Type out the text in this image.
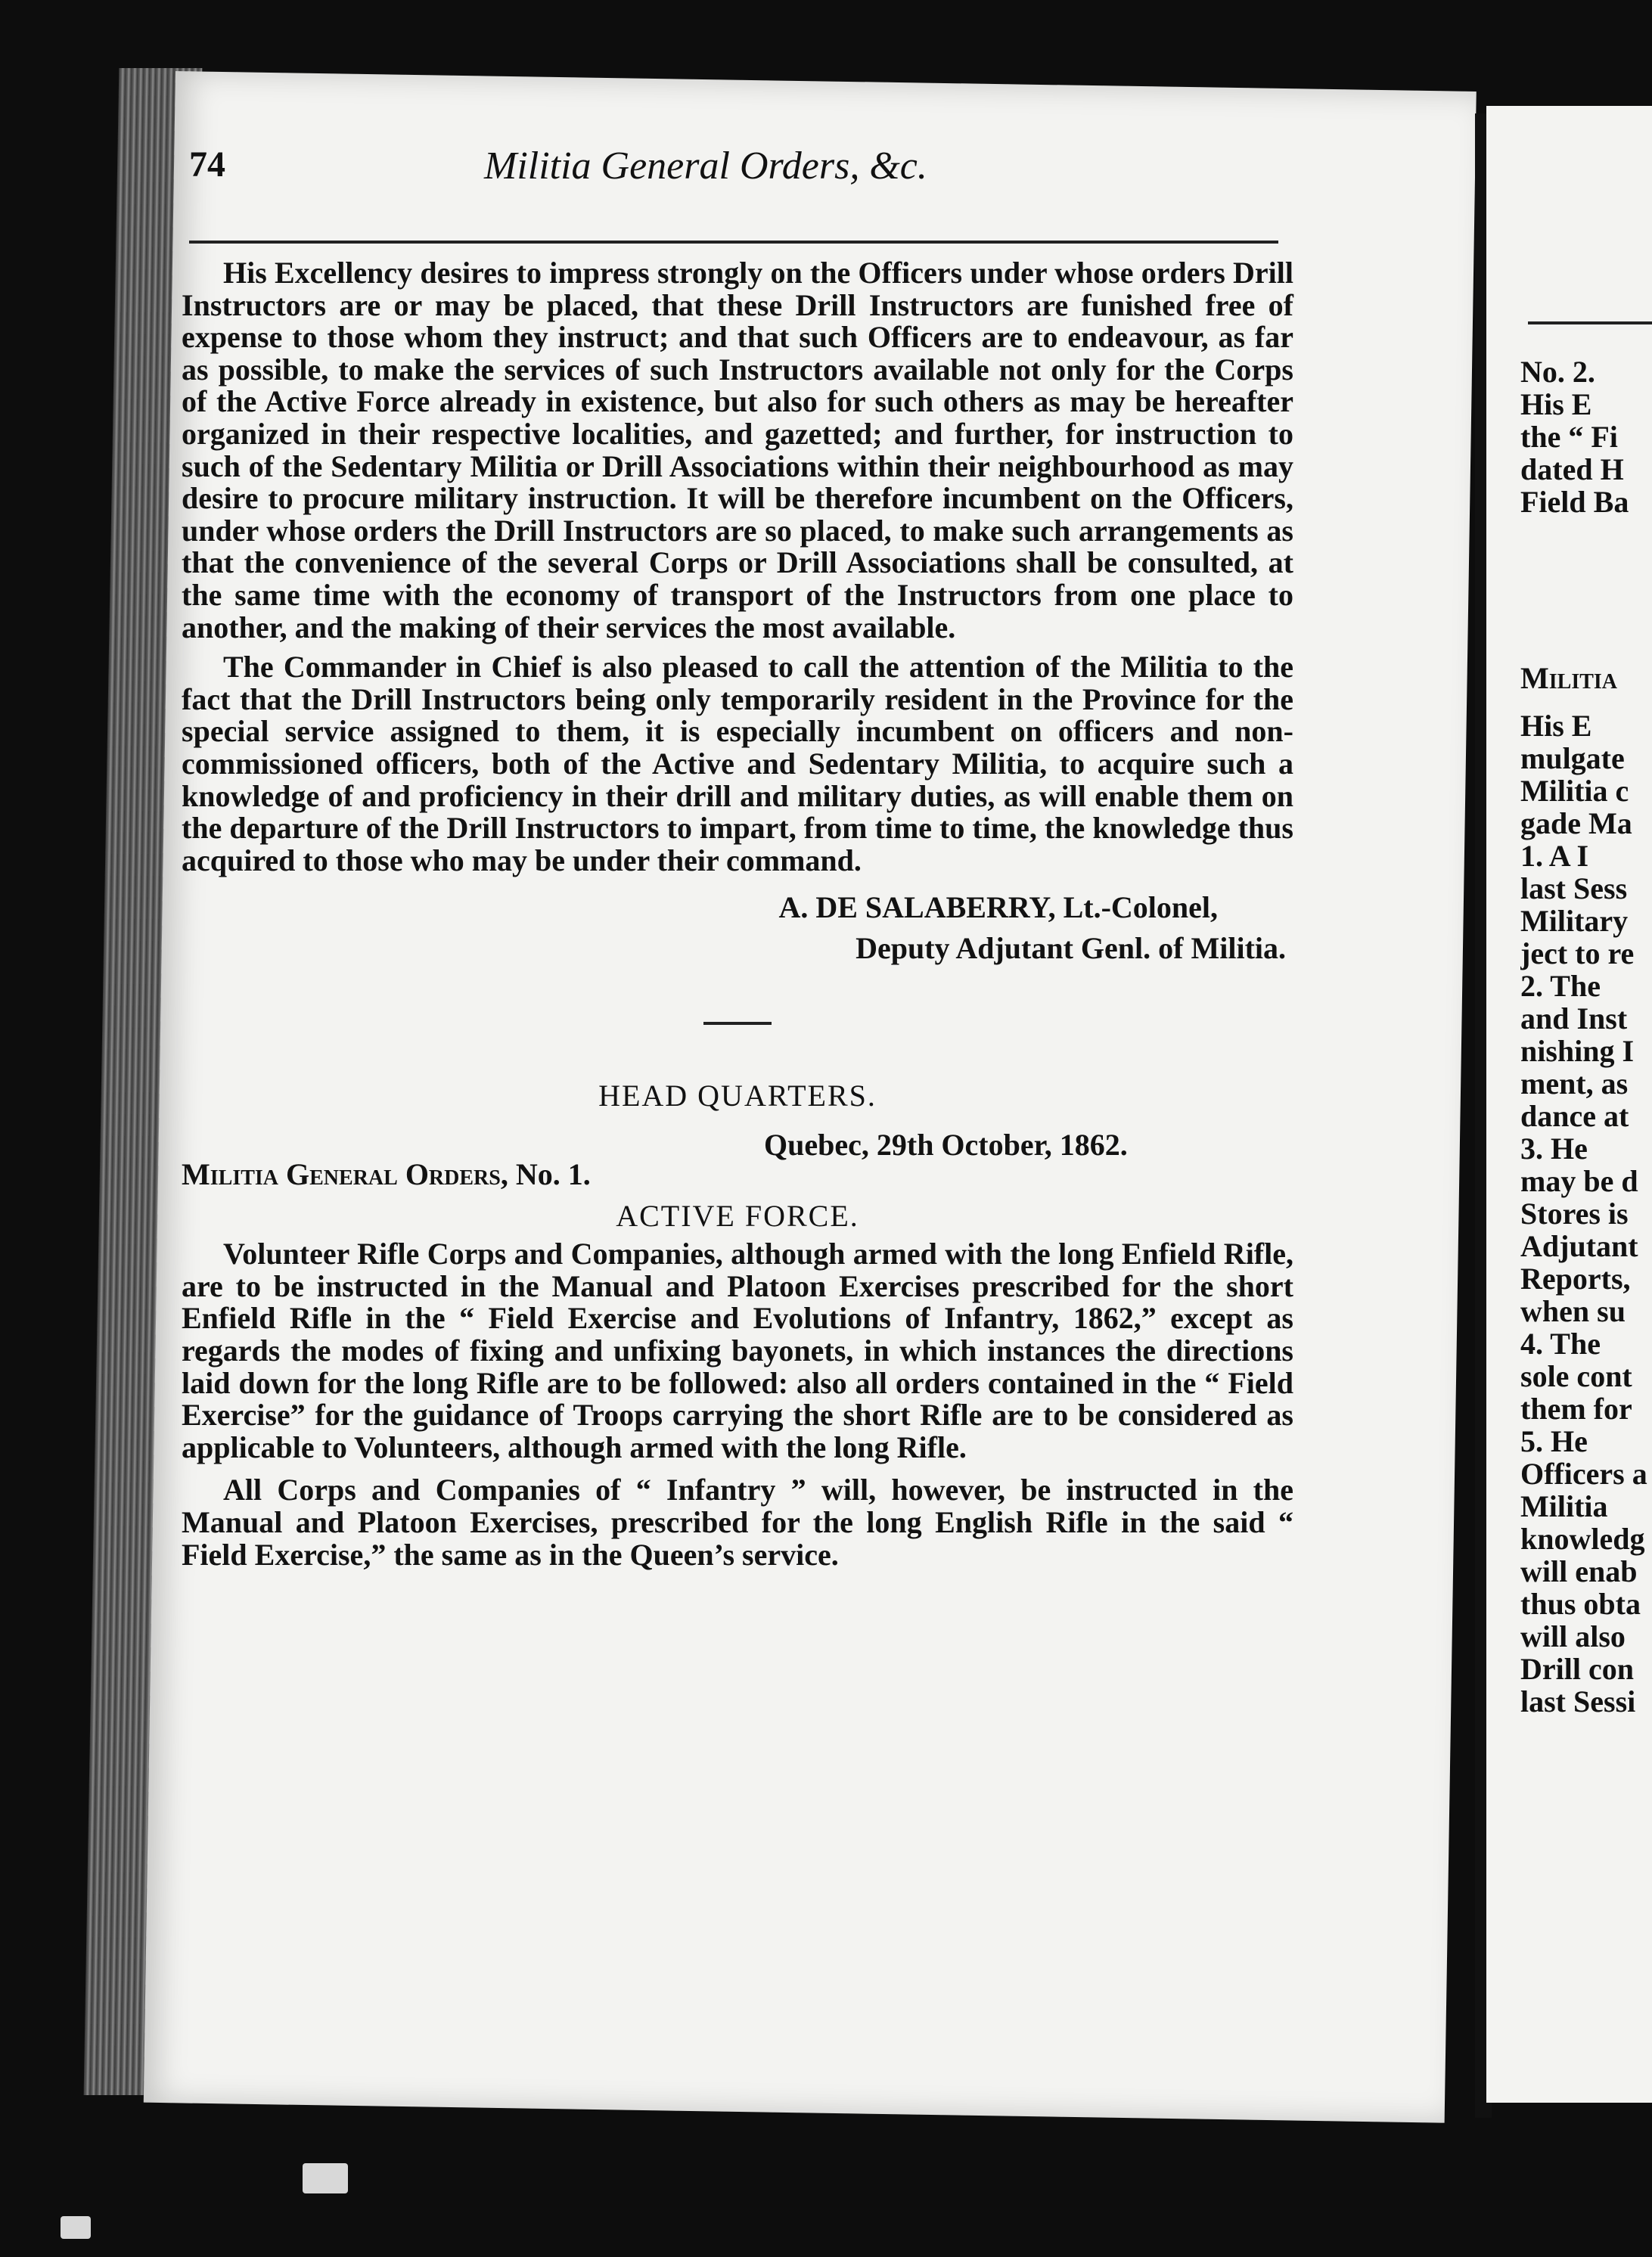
74	Militia General Orders, &c.

His Excellency desires to impress strongly on the Officers under whose orders Drill Instructors are or may be placed, that these Drill Instructors are funished free of expense to those whom they instruct; and that such Officers are to endeavour, as far as possible, to make the services of such Instructors available not only for the Corps of the Active Force already in existence, but also for such others as may be hereafter organized in their respective localities, and gazetted; and further, for instruction to such of the Sedentary Militia or Drill Associations within their neighbourhood as may desire to procure military instruction. It will be therefore incumbent on the Officers, under whose orders the Drill Instructors are so placed, to make such arrangements as that the convenience of the several Corps or Drill Associations shall be consulted, at the same time with the economy of transport of the Instructors from one place to another, and the making of their services the most available.

The Commander in Chief is also pleased to call the attention of the Militia to the fact that the Drill Instructors being only temporarily resident in the Province for the special service assigned to them, it is especially incumbent on officers and non-commissioned officers, both of the Active and Sedentary Militia, to acquire such a knowledge of and proficiency in their drill and military duties, as will enable them on the departure of the Drill Instructors to impart, from time to time, the knowledge thus acquired to those who may be under their command.

A. DE SALABERRY, Lt.-Colonel,
Deputy Adjutant Genl. of Militia.
HEAD QUARTERS.
Quebec, 29th October, 1862.
Militia General Orders, No. 1.
ACTIVE FORCE.

Volunteer Rifle Corps and Companies, although armed with the long Enfield Rifle, are to be instructed in the Manual and Platoon Exercises prescribed for the short Enfield Rifle in the “ Field Exercise and Evolutions of Infantry, 1862,” except as regards the modes of fixing and unfixing bayonets, in which instances the directions laid down for the long Rifle are to be followed: also all orders contained in the “ Field Exercise” for the guidance of Troops carrying the short Rifle are to be considered as applicable to Volunteers, although armed with the long Rifle.

All Corps and Companies of “ Infantry ” will, however, be instructed in the Manual and Platoon Exercises, prescribed for the long English Rifle in the said “ Field Exercise,” the same as in the Queen’s service.

No. 2.
His E
the “ Fi
dated H
Field Ba
Militia
His E
mulgate
Militia c
gade Ma
1. A I
last Sess
Military
ject to re
2. The
and Inst
nishing I
ment, as
dance at
3. He
may be d
Stores is
Adjutant
Reports,
when su
4. The
sole cont
them for
5. He
Officers a
Militia
knowledg
will enab
thus obta
will also
Drill con
last Sessi
